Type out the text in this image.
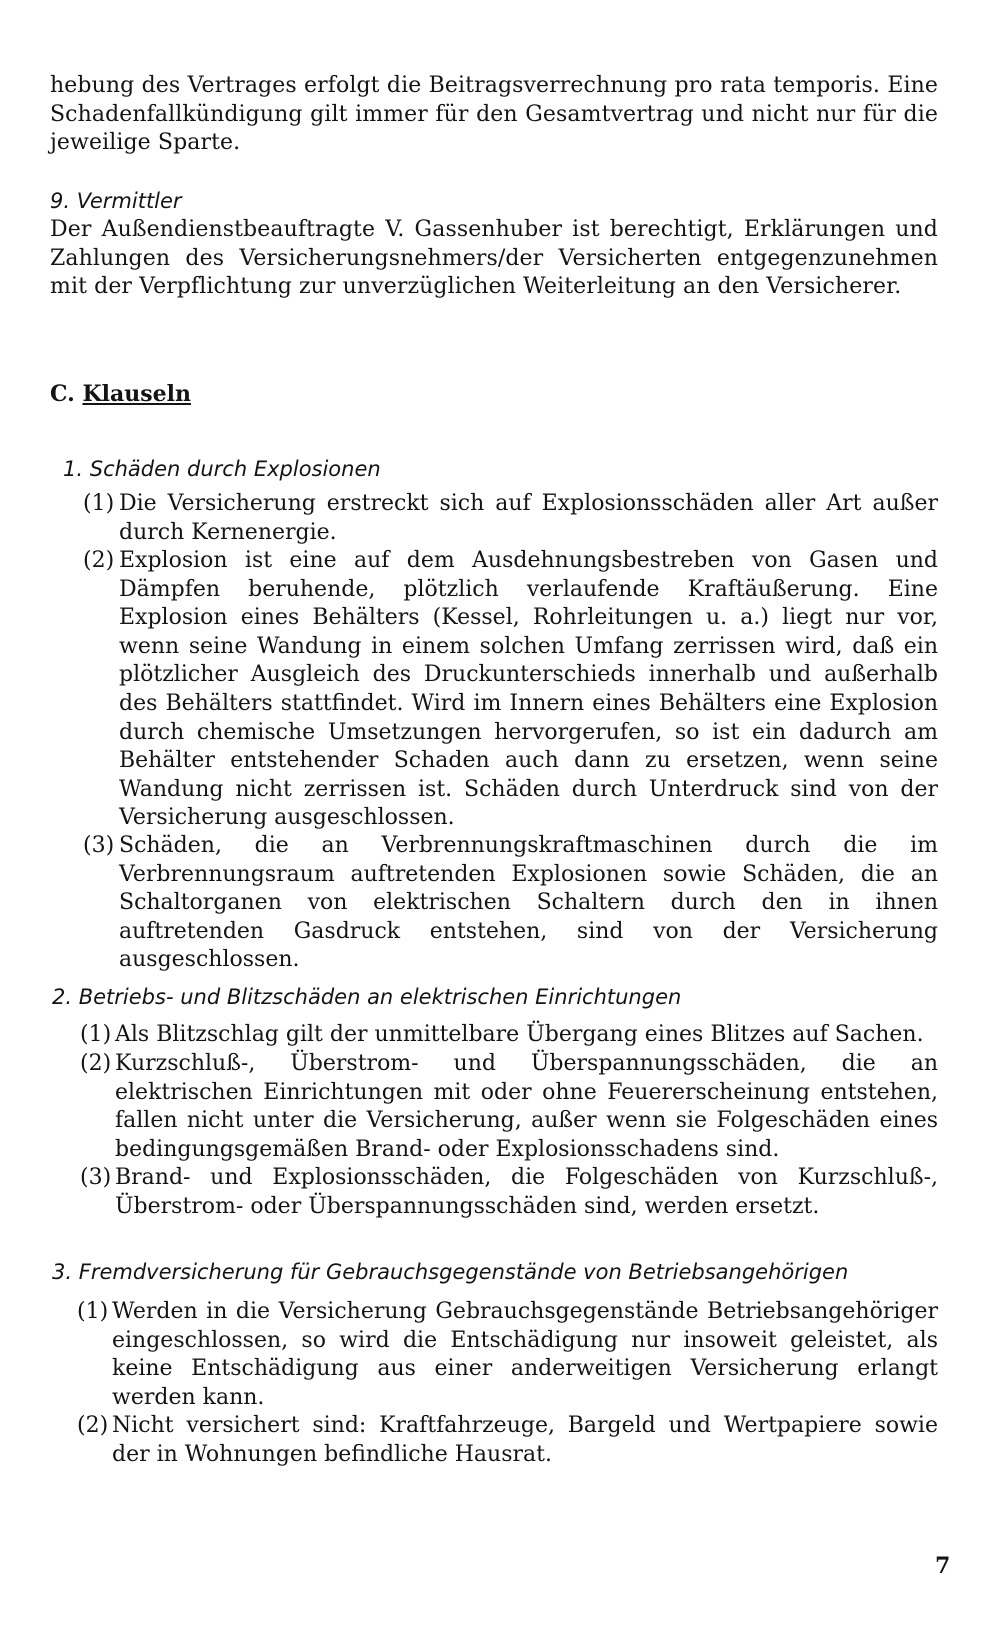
hebung des Vertrages erfolgt die Beitragsverrechnung pro rata temporis. Eine Schadenfallkündigung gilt immer für den Gesamtvertrag und nicht nur für die jeweilige Sparte.
9. Vermittler
Der Außendienstbeauftragte V. Gassenhuber ist berechtigt, Erklärungen und Zahlungen des Versicherungsnehmers/der Versicherten entgegenzunehmen mit der Verpflichtung zur unverzüglichen Weiterleitung an den Versicherer.
C. Klauseln
1. Schäden durch Explosionen
(1) Die Versicherung erstreckt sich auf Explosionsschäden aller Art außer durch Kernenergie.
(2) Explosion ist eine auf dem Ausdehnungsbestreben von Gasen und Dämpfen beruhende, plötzlich verlaufende Kraftäußerung. Eine Explosion eines Behälters (Kessel, Rohrleitungen u. a.) liegt nur vor, wenn seine Wandung in einem solchen Umfang zerrissen wird, daß ein plötzlicher Ausgleich des Druckunterschieds innerhalb und außerhalb des Behälters stattfindet. Wird im Innern eines Behälters eine Explosion durch chemische Umsetzungen hervorgerufen, so ist ein dadurch am Behälter entstehender Schaden auch dann zu ersetzen, wenn seine Wandung nicht zerrissen ist. Schäden durch Unterdruck sind von der Versicherung ausgeschlossen.
(3) Schäden, die an Verbrennungskraftmaschinen durch die im Verbrennungsraum auftretenden Explosionen sowie Schäden, die an Schaltorganen von elektrischen Schaltern durch den in ihnen auftretenden Gasdruck entstehen, sind von der Versicherung ausgeschlossen.
2. Betriebs- und Blitzschäden an elektrischen Einrichtungen
(1) Als Blitzschlag gilt der unmittelbare Übergang eines Blitzes auf Sachen.
(2) Kurzschluß-, Überstrom- und Überspannungsschäden, die an elektrischen Einrichtungen mit oder ohne Feuererscheinung entstehen, fallen nicht unter die Versicherung, außer wenn sie Folgeschäden eines bedingungsgemäßen Brand- oder Explosionsschadens sind.
(3) Brand- und Explosionsschäden, die Folgeschäden von Kurzschluß-, Überstrom- oder Überspannungsschäden sind, werden ersetzt.
3. Fremdversicherung für Gebrauchsgegenstände von Betriebsangehörigen
(1) Werden in die Versicherung Gebrauchsgegenstände Betriebsangehöriger eingeschlossen, so wird die Entschädigung nur insoweit geleistet, als keine Entschädigung aus einer anderweitigen Versicherung erlangt werden kann.
(2) Nicht versichert sind: Kraftfahrzeuge, Bargeld und Wertpapiere sowie der in Wohnungen befindliche Hausrat.
7
